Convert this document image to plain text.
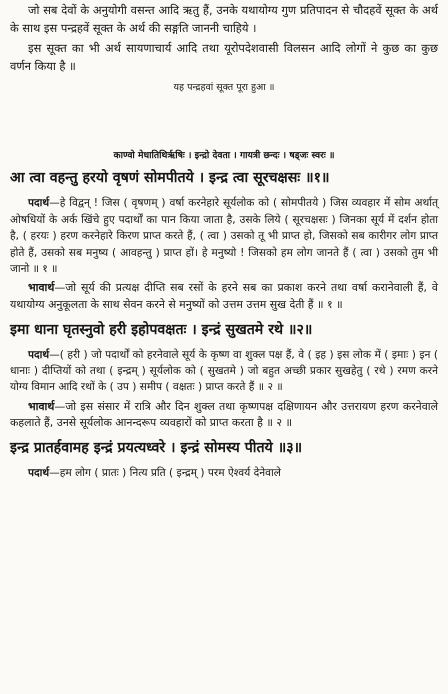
जो सब देवों के अनुयोगी वसन्त आदि ऋतु हैं, उनके यथायोग्य गुण प्रतिपादन से चौदहवें सूक्त के अर्थ के साथ इस पन्द्रहवें सूक्त के अर्थ की सङ्गति जाननी चाहिये ।

इस सूक्त का भी अर्थ सायणाचार्य आदि तथा यूरोपदेशवासी विलसन आदि लोगों ने कुछ का कुछ वर्णन किया है ॥

यह पन्द्रहवां सूक्त पूरा हुआ ॥

काण्वो मेधातिथिर्ऋषिः । इन्द्रो देवता । गायत्री छन्दः । षड्जः स्वरः ॥

आ त्वा वहन्तु हरयो वृषणं सोमपीतये । इन्द्र त्वा सूरचक्षसः ॥१॥

पदार्थ—हे विद्वन् ! जिस ( वृषणम् ) वर्षा करनेहारे सूर्यलोक को ( सोमपीतये ) जिस व्यवहार में सोम अर्थात् ओषधियों के अर्क खिंचे हुए पदार्थों का पान किया जाता है, उसके लिये ( सूरचक्षसः ) जिनका सूर्य में दर्शन होता है, ( हरयः ) हरण करनेहारे किरण प्राप्त करते हैं, ( त्वा ) उसको तू भी प्राप्त हो, जिसको सब कारीगर लोग प्राप्त होते हैं, उसको सब मनुष्य ( आवहन्तु ) प्राप्त हों। हे मनुष्यो ! जिसको हम लोग जानते हैं ( त्वा ) उसको तुम भी जानो ॥ १ ॥

भावार्थ—जो सूर्य की प्रत्यक्ष दीप्ति सब रसों के हरने सब का प्रकाश करने तथा वर्षा करानेवाली हैं, वे यथायोग्य अनुकूलता के साथ सेवन करने से मनुष्यों को उत्तम उत्तम सुख देती हैं ॥ १ ॥

इमा धाना घृतस्नुवो हरी इहोपवक्षतः । इन्द्रं सुखतमे रथे ॥२॥

पदार्थ—( हरी ) जो पदार्थों को हरनेवाले सूर्य के कृष्ण वा शुक्ल पक्ष हैं, वे ( इह ) इस लोक में ( इमाः ) इन ( धानाः ) दीप्तियों को तथा ( इन्द्रम् ) सूर्यलोक को ( सुखतमे ) जो बहुत अच्छी प्रकार सुखहेतु ( रथे ) रमण करने योग्य विमान आदि रथों के ( उप ) समीप ( वक्षतः ) प्राप्त करते हैं ॥ २ ॥

भावार्थ—जो इस संसार में रात्रि और दिन शुक्ल तथा कृष्णपक्ष दक्षिणायन और उत्तरायण हरण करनेवाले कहलाते हैं, उनसे सूर्यलोक आनन्दरूप व्यवहारों को प्राप्त करता है ॥ २ ॥

इन्द्र प्रातर्हवामह इन्द्रं प्रयत्यध्वरे । इन्द्रं सोमस्य पीतये ॥३॥

पदार्थ—हम लोग ( प्रातः ) नित्य प्रति ( इन्द्रम् ) परम ऐश्वर्य देनेवाले
